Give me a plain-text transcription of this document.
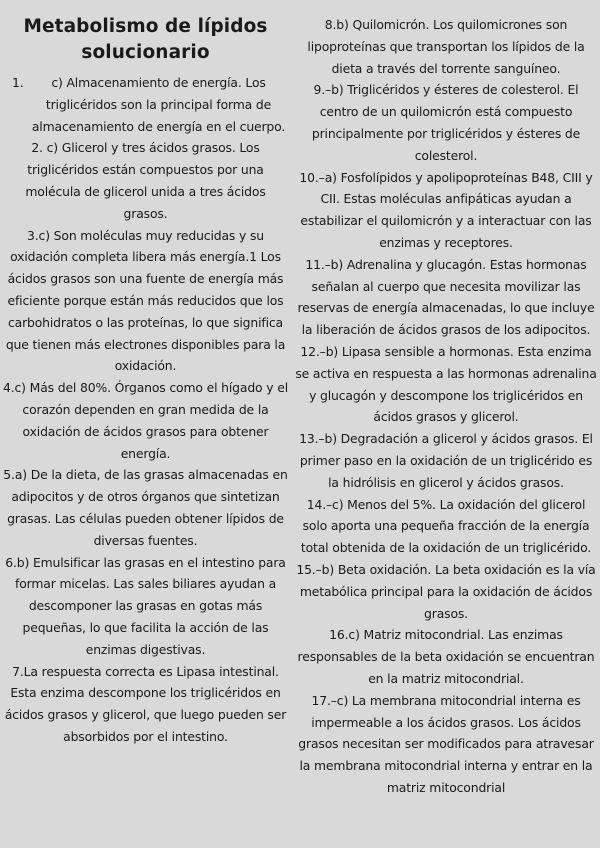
Metabolismo de lípidos
solucionario

1.	c) Almacenamiento de energía. Los triglicéridos son la principal forma de almacenamiento de energía en el cuerpo.

2. c) Glicerol y tres ácidos grasos. Los triglicéridos están compuestos por una molécula de glicerol unida a tres ácidos grasos.

3.c) Son moléculas muy reducidas y su oxidación completa libera más energía.1 Los ácidos grasos son una fuente de energía más eficiente porque están más reducidos que los carbohidratos o las proteínas, lo que significa que tienen más electrones disponibles para la oxidación.

4.c) Más del 80%. Órganos como el hígado y el corazón dependen en gran medida de la oxidación de ácidos grasos para obtener energía.

5.a) De la dieta, de las grasas almacenadas en adipocitos y de otros órganos que sintetizan grasas. Las células pueden obtener lípidos de diversas fuentes.

6.b) Emulsificar las grasas en el intestino para formar micelas. Las sales biliares ayudan a descomponer las grasas en gotas más pequeñas, lo que facilita la acción de las enzimas digestivas.

7.La respuesta correcta es Lipasa intestinal. Esta enzima descompone los triglicéridos en ácidos grasos y glicerol, que luego pueden ser absorbidos por el intestino.

8.b) Quilomicrón. Los quilomicrones son lipoproteínas que transportan los lípidos de la dieta a través del torrente sanguíneo.

9.–b) Triglicéridos y ésteres de colesterol. El centro de un quilomicrón está compuesto principalmente por triglicéridos y ésteres de colesterol.

10.–a) Fosfolípidos y apolipoproteínas B48, CIII y CII. Estas moléculas anfipáticas ayudan a estabilizar el quilomicrón y a interactuar con las enzimas y receptores.

11.–b) Adrenalina y glucagón. Estas hormonas señalan al cuerpo que necesita movilizar las reservas de energía almacenadas, lo que incluye la liberación de ácidos grasos de los adipocitos.

12.–b) Lipasa sensible a hormonas. Esta enzima se activa en respuesta a las hormonas adrenalina y glucagón y descompone los triglicéridos en ácidos grasos y glicerol.

13.–b) Degradación a glicerol y ácidos grasos. El primer paso en la oxidación de un triglicérido es la hidrólisis en glicerol y ácidos grasos.

14.–c) Menos del 5%. La oxidación del glicerol solo aporta una pequeña fracción de la energía total obtenida de la oxidación de un triglicérido.

15.–b) Beta oxidación. La beta oxidación es la vía metabólica principal para la oxidación de ácidos grasos.

16.c) Matriz mitocondrial. Las enzimas responsables de la beta oxidación se encuentran en la matriz mitocondrial.

17.–c) La membrana mitocondrial interna es impermeable a los ácidos grasos. Los ácidos grasos necesitan ser modificados para atravesar la membrana mitocondrial interna y entrar en la matriz mitocondrial
